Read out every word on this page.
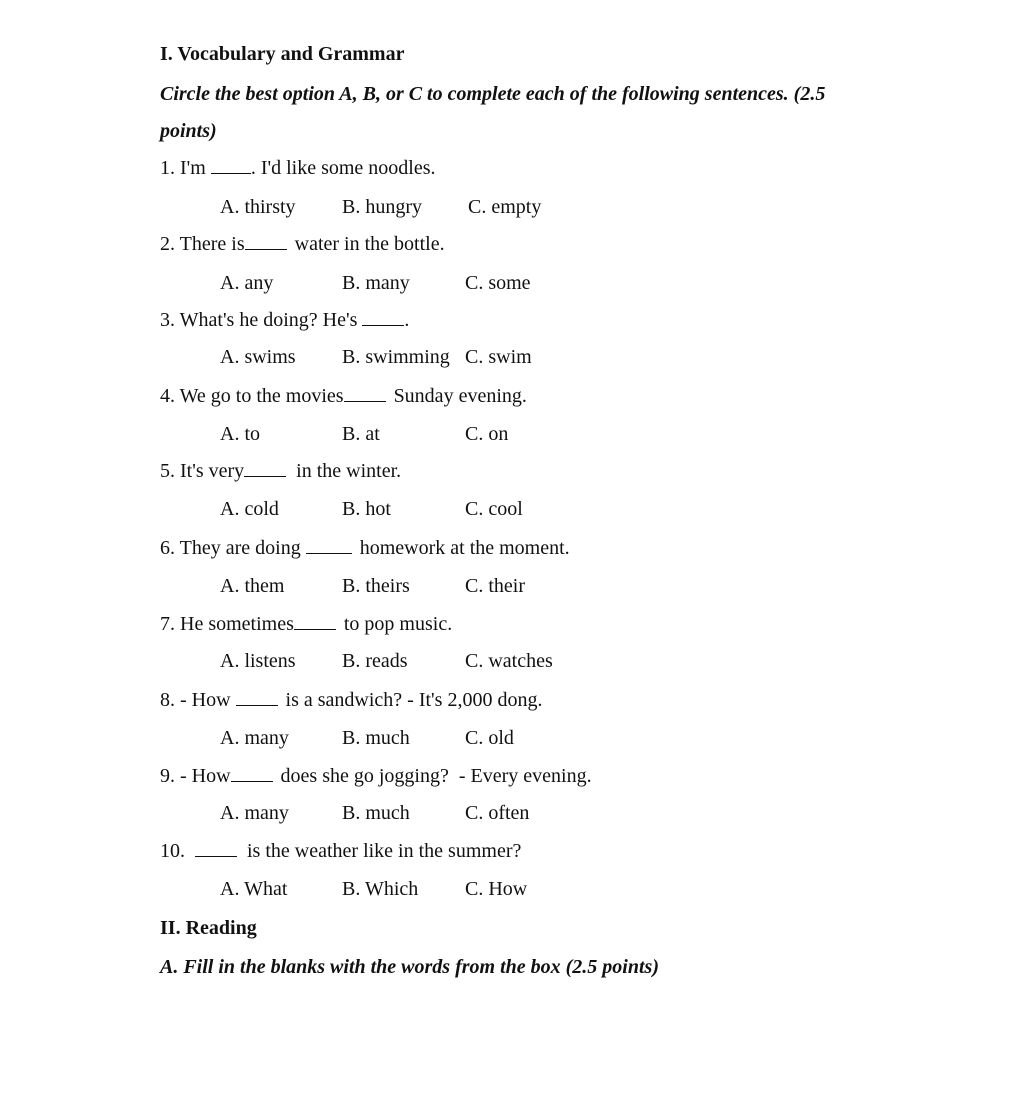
I. Vocabulary and Grammar
Circle the best option A, B, or C to complete each of the following sentences. (2.5
points)
1. I'm . I'd like some noodles.
A. thirsty B. hungry C. empty
2. There is	water in the bottle.
A. any	B. many	C. some
3. What's he doing? He's .
A. swims B. swimming C. swim
4. We go to the movies	Sunday evening.
A. to	B. at	C. on
5. It's very	in the winter.
A. cold	B. hot	C. cool
6. They are doing	homework at the moment.
A. them	B. theirs	C. their
7. He sometimes	to pop music.
A. listens B. reads	C. watches
8. - How	is a sandwich? - It's 2,000 dong.
A. many	B. much	C. old
9. - How	does she go jogging?  - Every evening.
A. many	B. much	C. often
10.	is the weather like in the summer?
A. What	B. Which C. How
II. Reading
A. Fill in the blanks with the words from the box (2.5 points)
